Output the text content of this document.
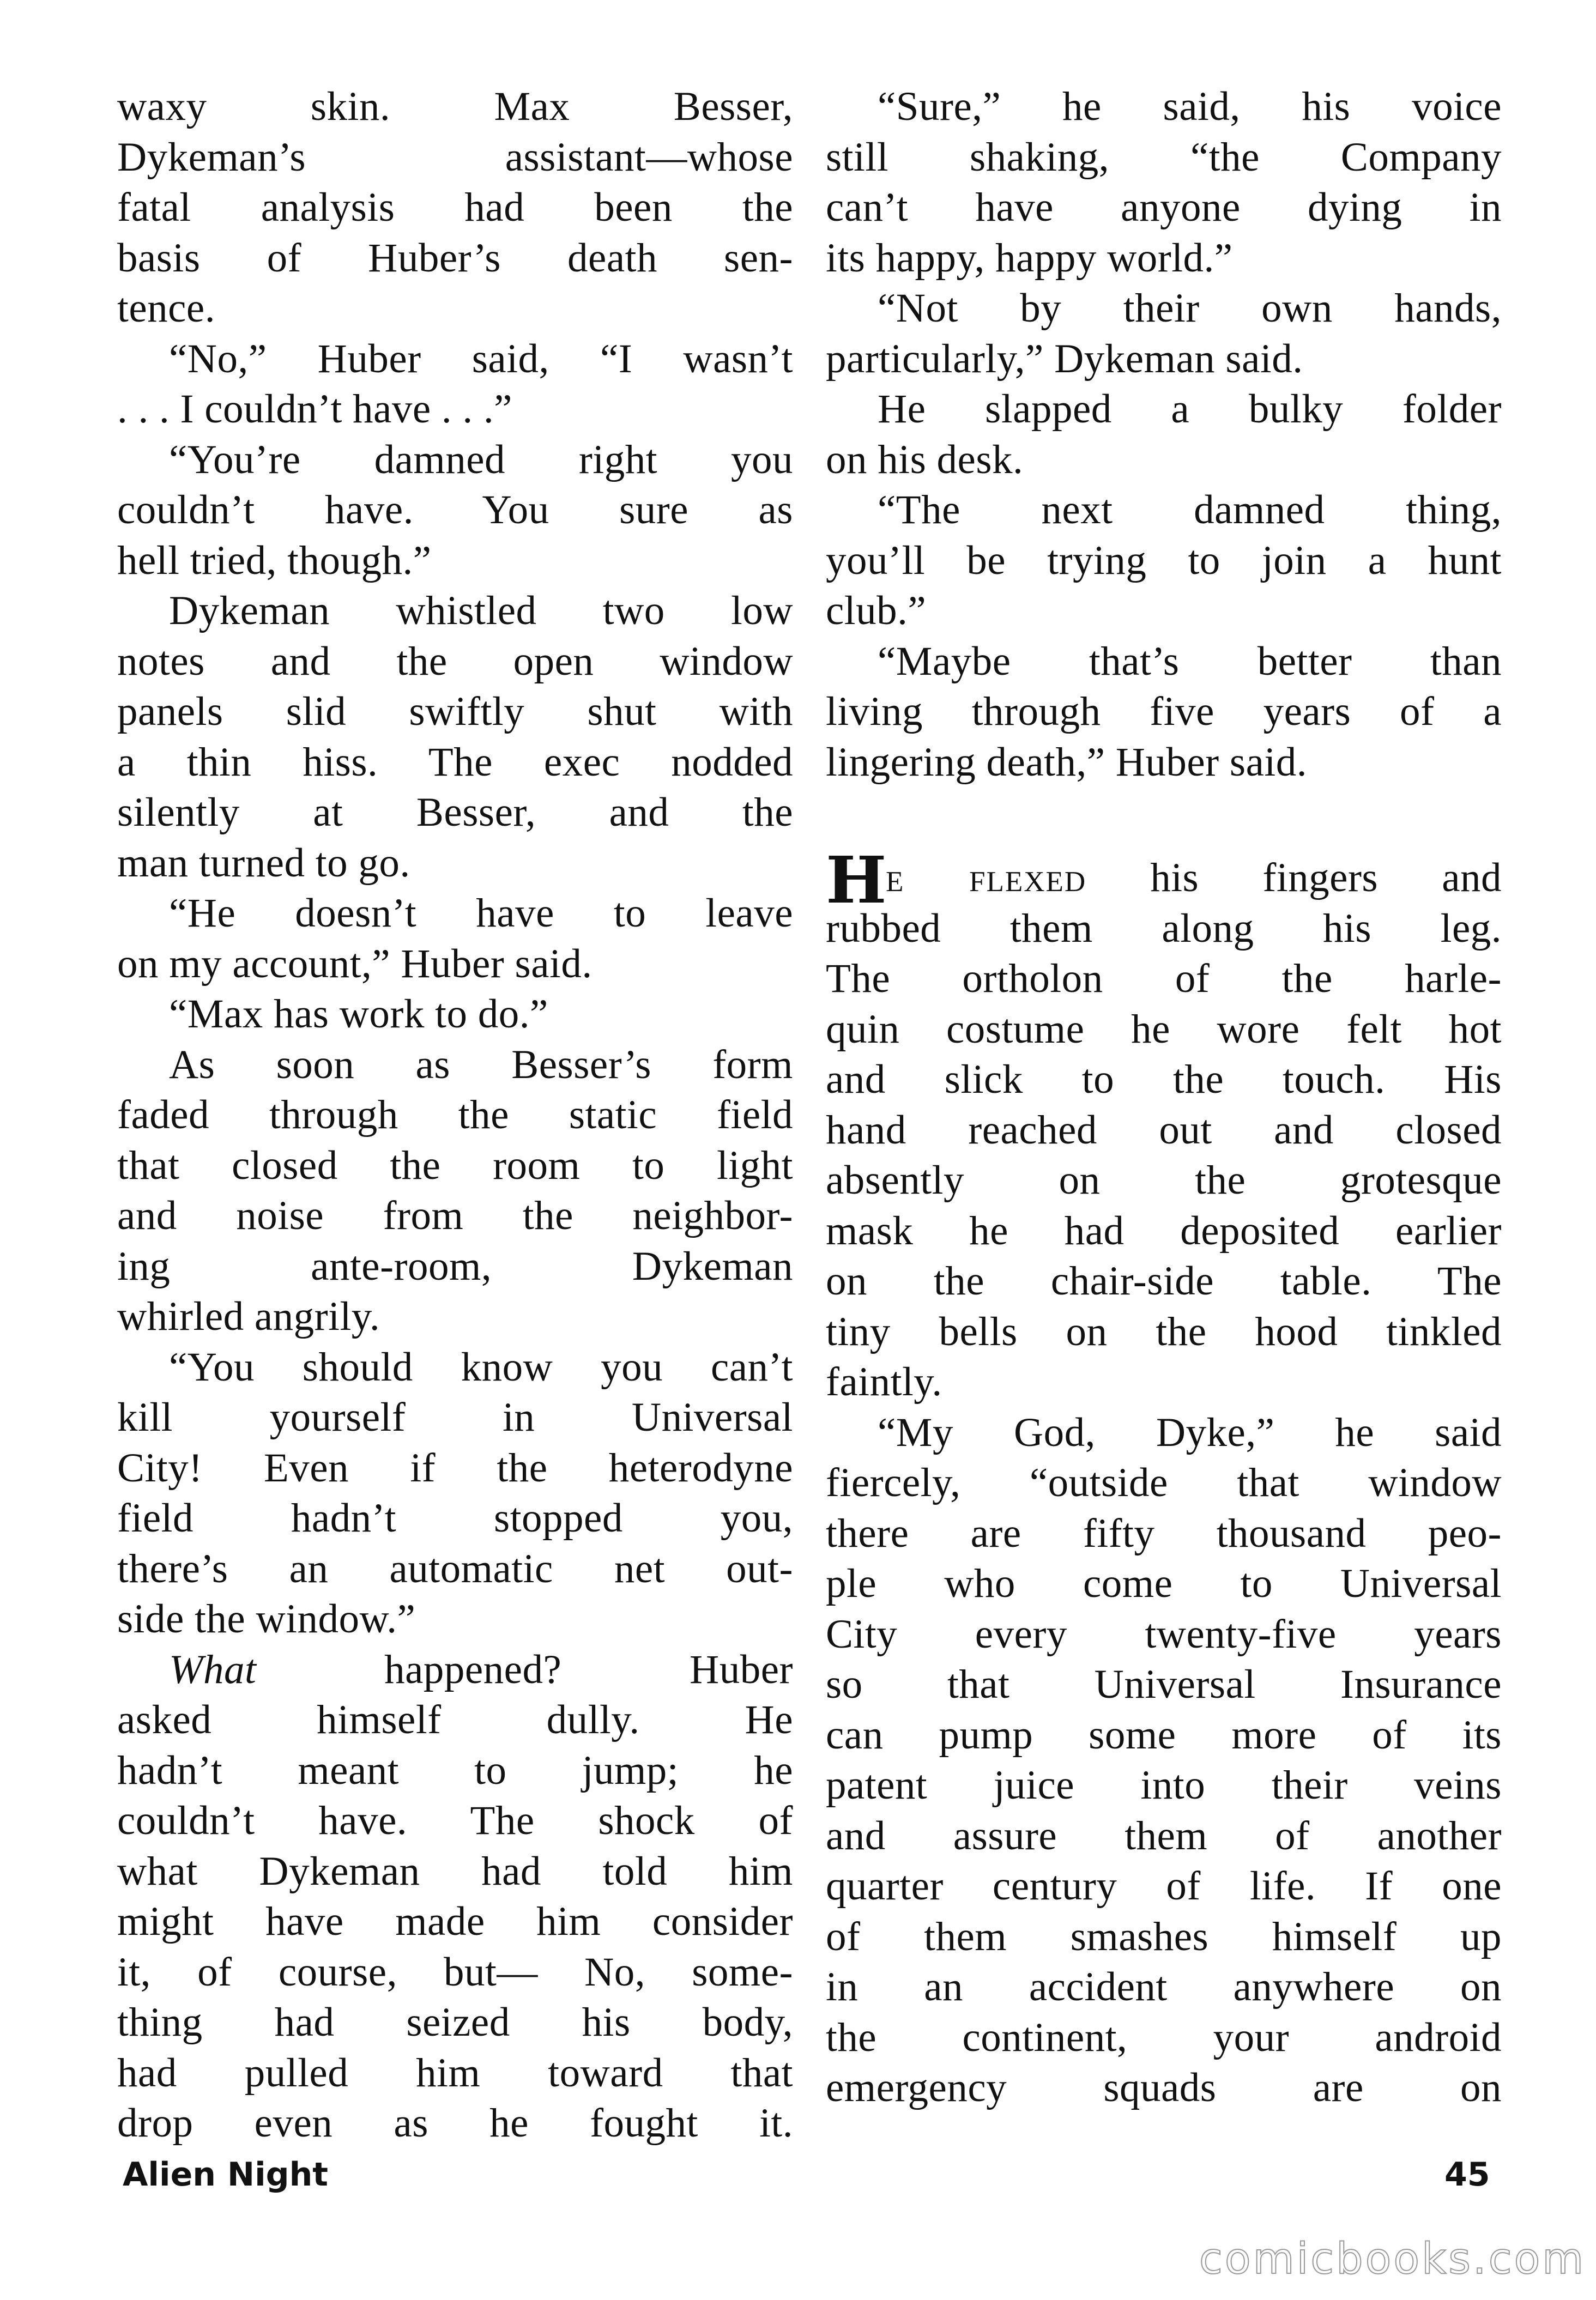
waxy skin. Max Besser,
Dykeman’s assistant—whose
fatal analysis had been the
basis of Huber’s death sen-
tence.
“No,” Huber said, “I wasn’t
. . . I couldn’t have . . .”
“You’re damned right you
couldn’t have. You sure as
hell tried, though.”
Dykeman whistled two low
notes and the open window
panels slid swiftly shut with
a thin hiss. The exec nodded
silently at Besser, and the
man turned to go.
“He doesn’t have to leave
on my account,” Huber said.
“Max has work to do.”
As soon as Besser’s form
faded through the static field
that closed the room to light
and noise from the neighbor-
ing ante-room, Dykeman
whirled angrily.
“You should know you can’t
kill yourself in Universal
City! Even if the heterodyne
field hadn’t stopped you,
there’s an automatic net out-
side the window.”
What happened? Huber
asked himself dully. He
hadn’t meant to jump; he
couldn’t have. The shock of
what Dykeman had told him
might have made him consider
it, of course, but— No, some-
thing had seized his body,
had pulled him toward that
drop even as he fought it.
“Sure,” he said, his voice
still shaking, “the Company
can’t have anyone dying in
its happy, happy world.”
“Not by their own hands,
particularly,” Dykeman said.
He slapped a bulky folder
on his desk.
“The next damned thing,
you’ll be trying to join a hunt
club.”
“Maybe that’s better than
living through five years of a
lingering death,” Huber said.
H
e flexed his fingers and
rubbed them along his leg.
The ortholon of the harle-
quin costume he wore felt hot
and slick to the touch. His
hand reached out and closed
absently on the grotesque
mask he had deposited earlier
on the chair-side table. The
tiny bells on the hood tinkled
faintly.
“My God, Dyke,” he said
fiercely, “outside that window
there are fifty thousand peo-
ple who come to Universal
City every twenty-five years
so that Universal Insurance
can pump some more of its
patent juice into their veins
and assure them of another
quarter century of life. If one
of them smashes himself up
in an accident anywhere on
the continent, your android
emergency squads are on
Alien Night	45
comicbooks.com
